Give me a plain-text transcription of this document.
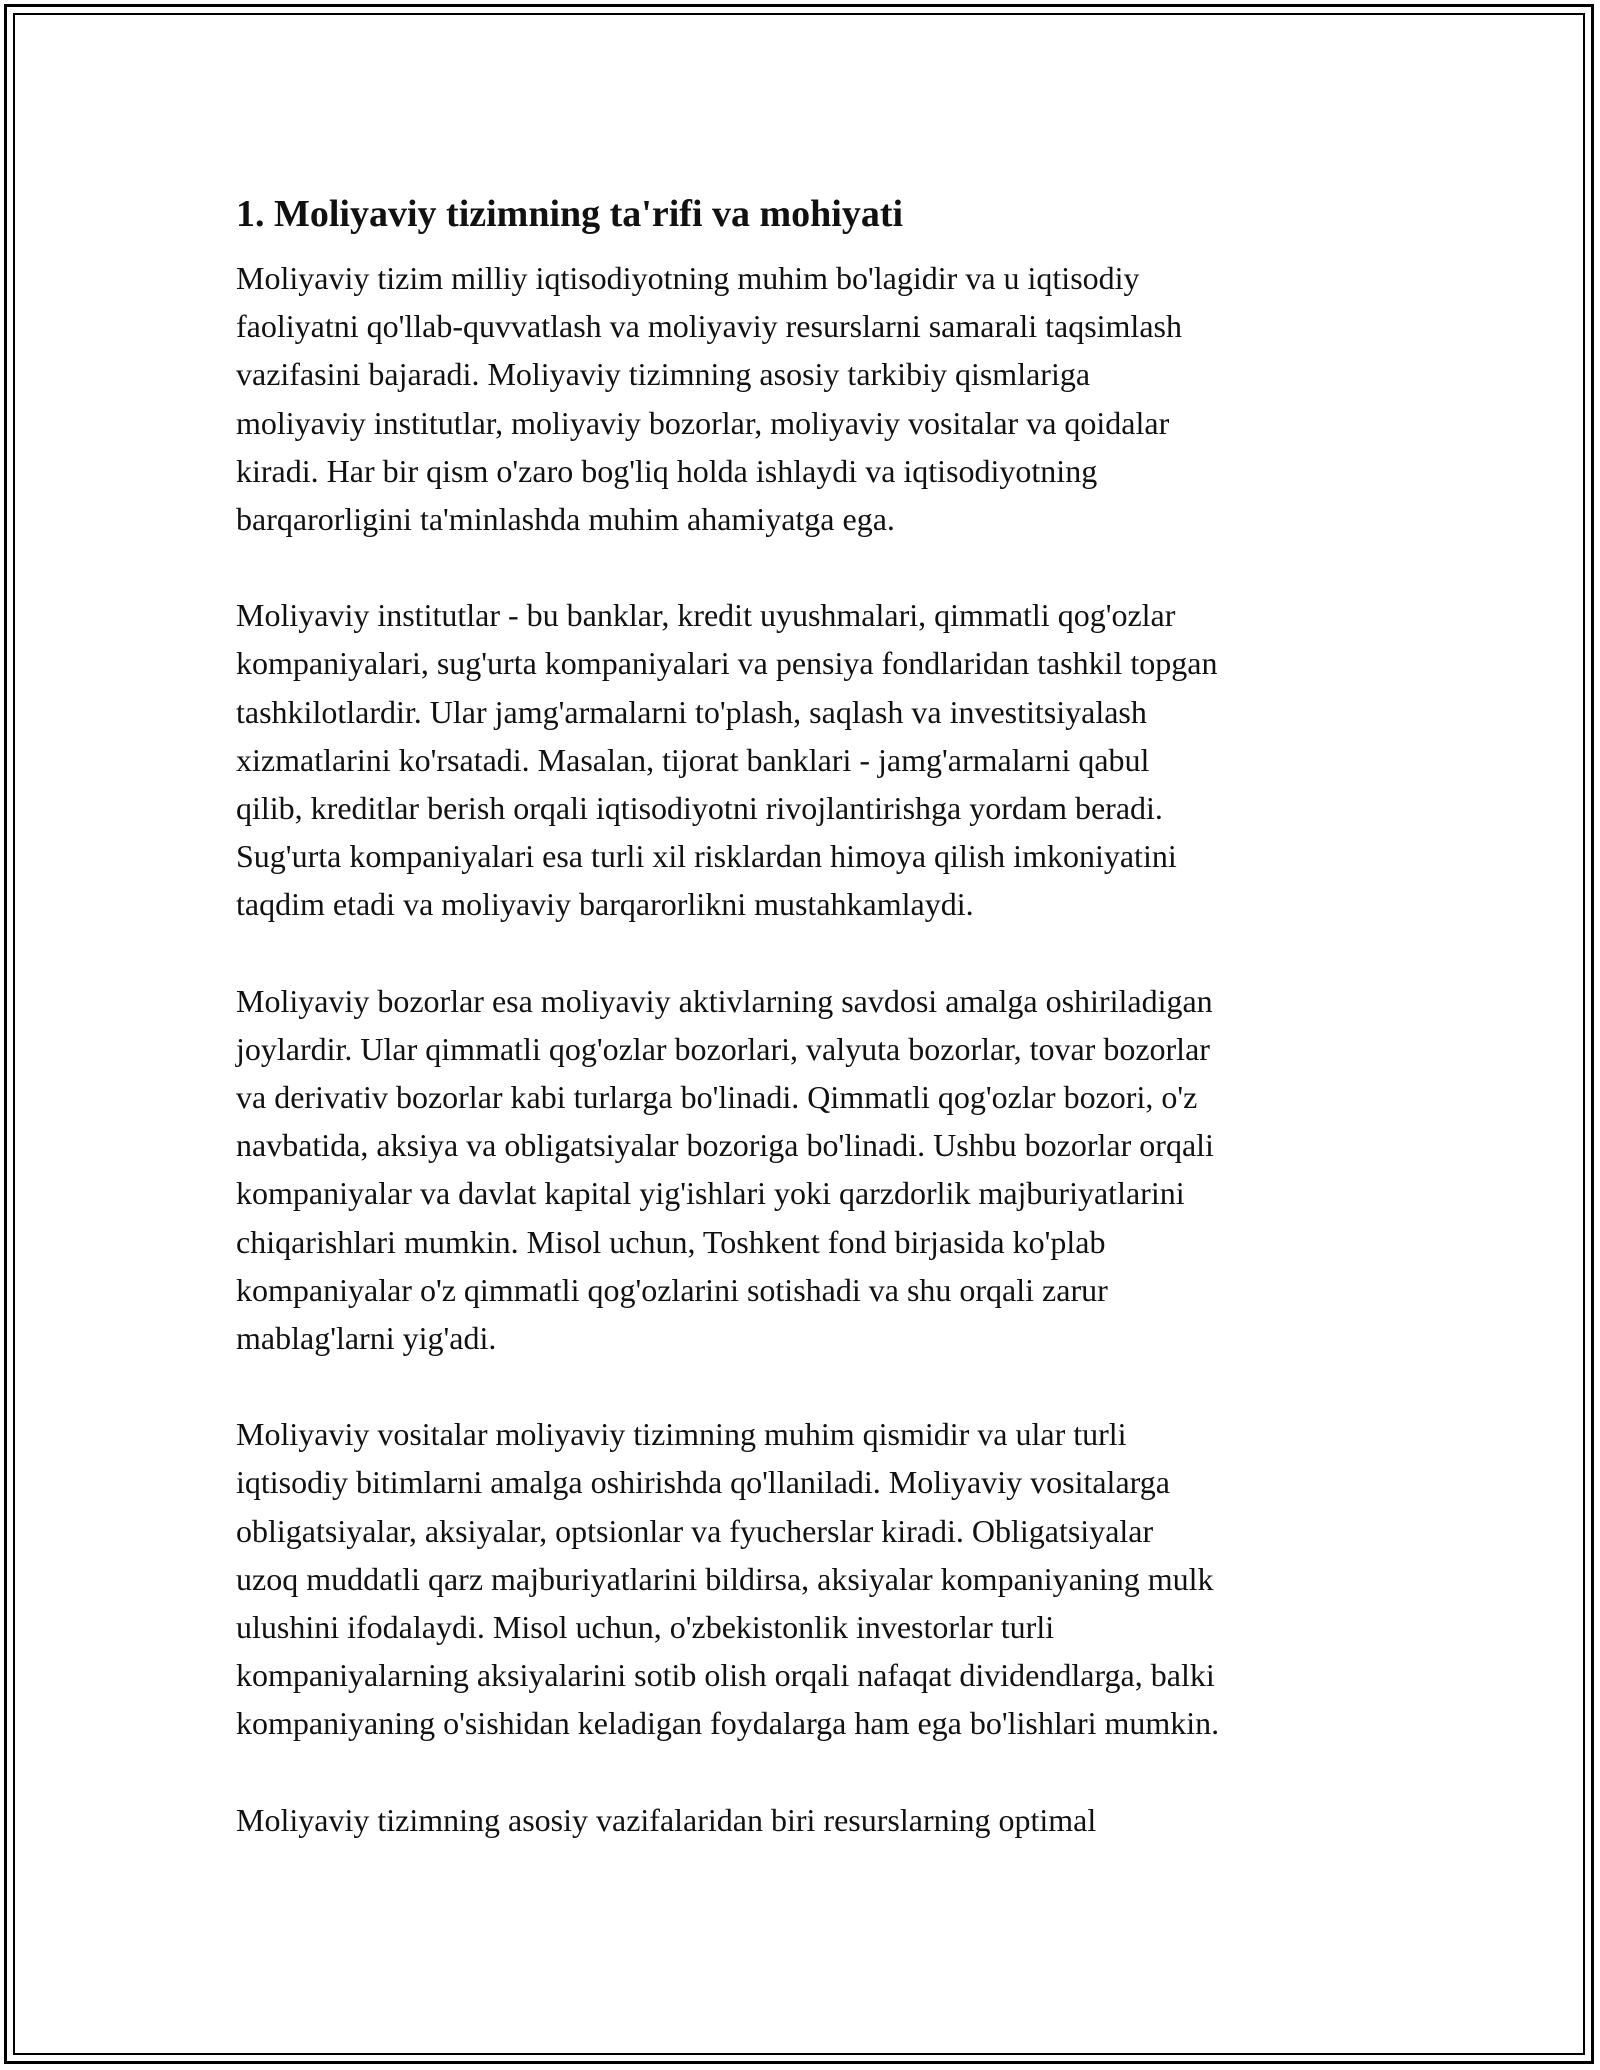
1. Moliyaviy tizimning ta'rifi va mohiyati

Moliyaviy tizim milliy iqtisodiyotning muhim bo'lagidir va u iqtisodiy
faoliyatni qo'llab-quvvatlash va moliyaviy resurslarni samarali taqsimlash
vazifasini bajaradi. Moliyaviy tizimning asosiy tarkibiy qismlariga
moliyaviy institutlar, moliyaviy bozorlar, moliyaviy vositalar va qoidalar
kiradi. Har bir qism o'zaro bog'liq holda ishlaydi va iqtisodiyotning
barqarorligini ta'minlashda muhim ahamiyatga ega.

Moliyaviy institutlar - bu banklar, kredit uyushmalari, qimmatli qog'ozlar
kompaniyalari, sug'urta kompaniyalari va pensiya fondlaridan tashkil topgan
tashkilotlardir. Ular jamg'armalarni to'plash, saqlash va investitsiyalash
xizmatlarini ko'rsatadi. Masalan, tijorat banklari - jamg'armalarni qabul
qilib, kreditlar berish orqali iqtisodiyotni rivojlantirishga yordam beradi.
Sug'urta kompaniyalari esa turli xil risklardan himoya qilish imkoniyatini
taqdim etadi va moliyaviy barqarorlikni mustahkamlaydi.

Moliyaviy bozorlar esa moliyaviy aktivlarning savdosi amalga oshiriladigan
joylardir. Ular qimmatli qog'ozlar bozorlari, valyuta bozorlar, tovar bozorlar
va derivativ bozorlar kabi turlarga bo'linadi. Qimmatli qog'ozlar bozori, o'z
navbatida, aksiya va obligatsiyalar bozoriga bo'linadi. Ushbu bozorlar orqali
kompaniyalar va davlat kapital yig'ishlari yoki qarzdorlik majburiyatlarini
chiqarishlari mumkin. Misol uchun, Toshkent fond birjasida ko'plab
kompaniyalar o'z qimmatli qog'ozlarini sotishadi va shu orqali zarur
mablag'larni yig'adi.

Moliyaviy vositalar moliyaviy tizimning muhim qismidir va ular turli
iqtisodiy bitimlarni amalga oshirishda qo'llaniladi. Moliyaviy vositalarga
obligatsiyalar, aksiyalar, optsionlar va fyucherslar kiradi. Obligatsiyalar
uzoq muddatli qarz majburiyatlarini bildirsa, aksiyalar kompaniyaning mulk
ulushini ifodalaydi. Misol uchun, o'zbekistonlik investorlar turli
kompaniyalarning aksiyalarini sotib olish orqali nafaqat dividendlarga, balki
kompaniyaning o'sishidan keladigan foydalarga ham ega bo'lishlari mumkin.

Moliyaviy tizimning asosiy vazifalaridan biri resurslarning optimal
